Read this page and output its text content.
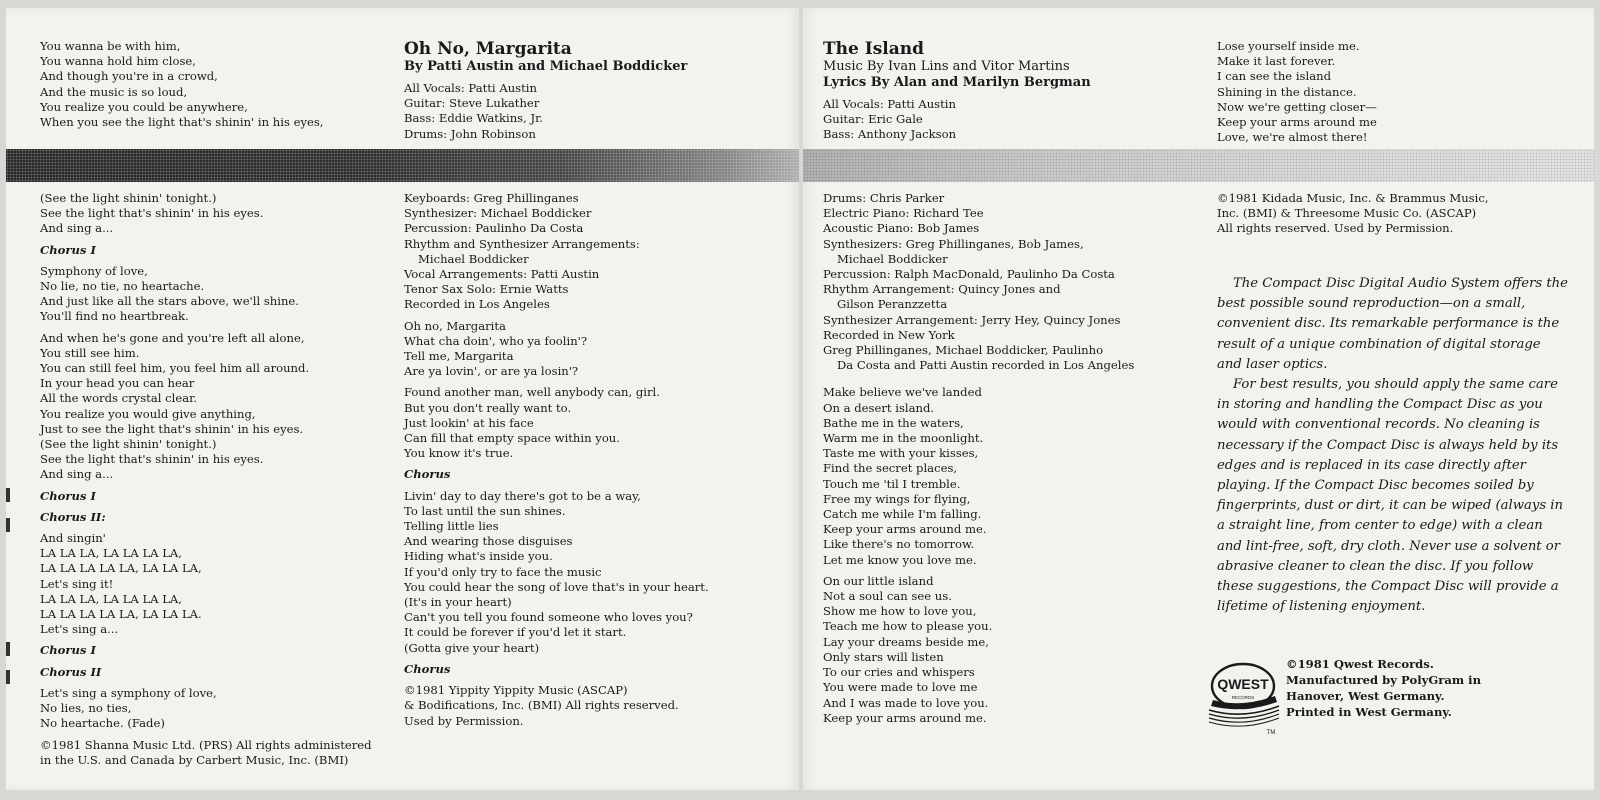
You wanna be with him,
You wanna hold him close,
And though you're in a crowd,
And the music is so loud,
You realize you could be anywhere,
When you see the light that's shinin' in his eyes,
(See the light shinin' tonight.)
See the light that's shinin' in his eyes.
And sing a...
Chorus I
Symphony of love,
No lie, no tie, no heartache.
And just like all the stars above, we'll shine.
You'll find no heartbreak.
And when he's gone and you're left all alone,
You still see him.
You can still feel him, you feel him all around.
In your head you can hear
All the words crystal clear.
You realize you would give anything,
Just to see the light that's shinin' in his eyes.
(See the light shinin' tonight.)
See the light that's shinin' in his eyes.
And sing a...
Chorus I
Chorus II:
And singin'
LA LA LA, LA LA LA LA,
LA LA LA LA LA, LA LA LA,
Let's sing it!
LA LA LA, LA LA LA LA,
LA LA LA LA LA, LA LA LA.
Let's sing a...
Chorus I
Chorus II
Let's sing a symphony of love,
No lies, no ties,
No heartache. (Fade)
©1981 Shanna Music Ltd. (PRS) All rights administered
in the U.S. and Canada by Carbert Music, Inc. (BMI)
Oh No, Margarita
By Patti Austin and Michael Boddicker
All Vocals: Patti Austin
Guitar: Steve Lukather
Bass: Eddie Watkins, Jr.
Drums: John Robinson
Keyboards: Greg Phillinganes
Synthesizer: Michael Boddicker
Percussion: Paulinho Da Costa
Rhythm and Synthesizer Arrangements:
Michael Boddicker
Vocal Arrangements: Patti Austin
Tenor Sax Solo: Ernie Watts
Recorded in Los Angeles
Oh no, Margarita
What cha doin', who ya foolin'?
Tell me, Margarita
Are ya lovin', or are ya losin'?
Found another man, well anybody can, girl.
But you don't really want to.
Just lookin' at his face
Can fill that empty space within you.
You know it's true.
Chorus
Livin' day to day there's got to be a way,
To last until the sun shines.
Telling little lies
And wearing those disguises
Hiding what's inside you.
If you'd only try to face the music
You could hear the song of love that's in your heart.
(It's in your heart)
Can't you tell you found someone who loves you?
It could be forever if you'd let it start.
(Gotta give your heart)
Chorus
©1981 Yippity Yippity Music (ASCAP)
& Bodifications, Inc. (BMI) All rights reserved.
Used by Permission.
The Island
Music By Ivan Lins and Vitor Martins
Lyrics By Alan and Marilyn Bergman
All Vocals: Patti Austin
Guitar: Eric Gale
Bass: Anthony Jackson
Drums: Chris Parker
Electric Piano: Richard Tee
Acoustic Piano: Bob James
Synthesizers: Greg Phillinganes, Bob James,
Michael Boddicker
Percussion: Ralph MacDonald, Paulinho Da Costa
Rhythm Arrangement: Quincy Jones and
Gilson Peranzzetta
Synthesizer Arrangement: Jerry Hey, Quincy Jones
Recorded in New York
Greg Phillinganes, Michael Boddicker, Paulinho
Da Costa and Patti Austin recorded in Los Angeles
Make believe we've landed
On a desert island.
Bathe me in the waters,
Warm me in the moonlight.
Taste me with your kisses,
Find the secret places,
Touch me 'til I tremble.
Free my wings for flying,
Catch me while I'm falling.
Keep your arms around me.
Like there's no tomorrow.
Let me know you love me.
On our little island
Not a soul can see us.
Show me how to love you,
Teach me how to please you.
Lay your dreams beside me,
Only stars will listen
To our cries and whispers
You were made to love me
And I was made to love you.
Keep your arms around me.
Lose yourself inside me.
Make it last forever.
I can see the island
Shining in the distance.
Now we're getting closer—
Keep your arms around me
Love, we're almost there!
©1981 Kidada Music, Inc. & Brammus Music,
Inc. (BMI) & Threesome Music Co. (ASCAP)
All rights reserved. Used by Permission.

The Compact Disc Digital Audio System offers the best possible sound reproduction—on a small, convenient disc. Its remarkable performance is the result of a unique combination of digital storage and laser optics.

For best results, you should apply the same care in storing and handling the Compact Disc as you would with conventional records. No cleaning is necessary if the Compact Disc is always held by its edges and is replaced in its case directly after playing. If the Compact Disc becomes soiled by fingerprints, dust or dirt, it can be wiped (always in a straight line, from center to edge) with a clean and lint-free, soft, dry cloth. Never use a solvent or abrasive cleaner to clean the disc. If you follow these suggestions, the Compact Disc will provide a lifetime of listening enjoyment.

QWEST
RECORDS
TM
©1981 Qwest Records.
Manufactured by PolyGram in
Hanover, West Germany.
Printed in West Germany.
